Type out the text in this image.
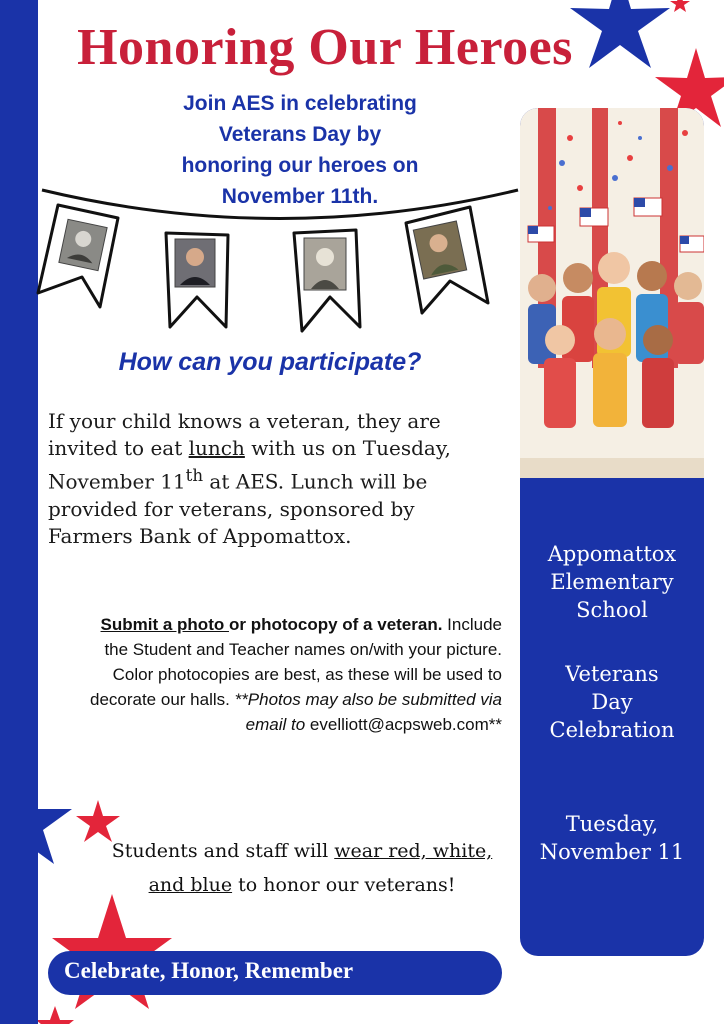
Honoring Our Heroes
Join AES in celebrating
Veterans Day by
honoring our heroes on
November 11th.
How can you participate?
If your child knows a veteran, they are invited to eat lunch with us on Tuesday, November 11th at AES. Lunch will be provided for veterans, sponsored by Farmers Bank of Appomattox.
Submit a photo or photocopy of a veteran. Include the Student and Teacher names on/with your picture. Color photocopies are best, as these will be used to decorate our halls. **Photos may also be submitted via email to evelliott@acpsweb.com**
Students and staff will wear red, white,
and blue to honor our veterans!
Celebrate, Honor, Remember
Appomattox
Elementary
School
Veterans
Day
Celebration
Tuesday,
November 11
